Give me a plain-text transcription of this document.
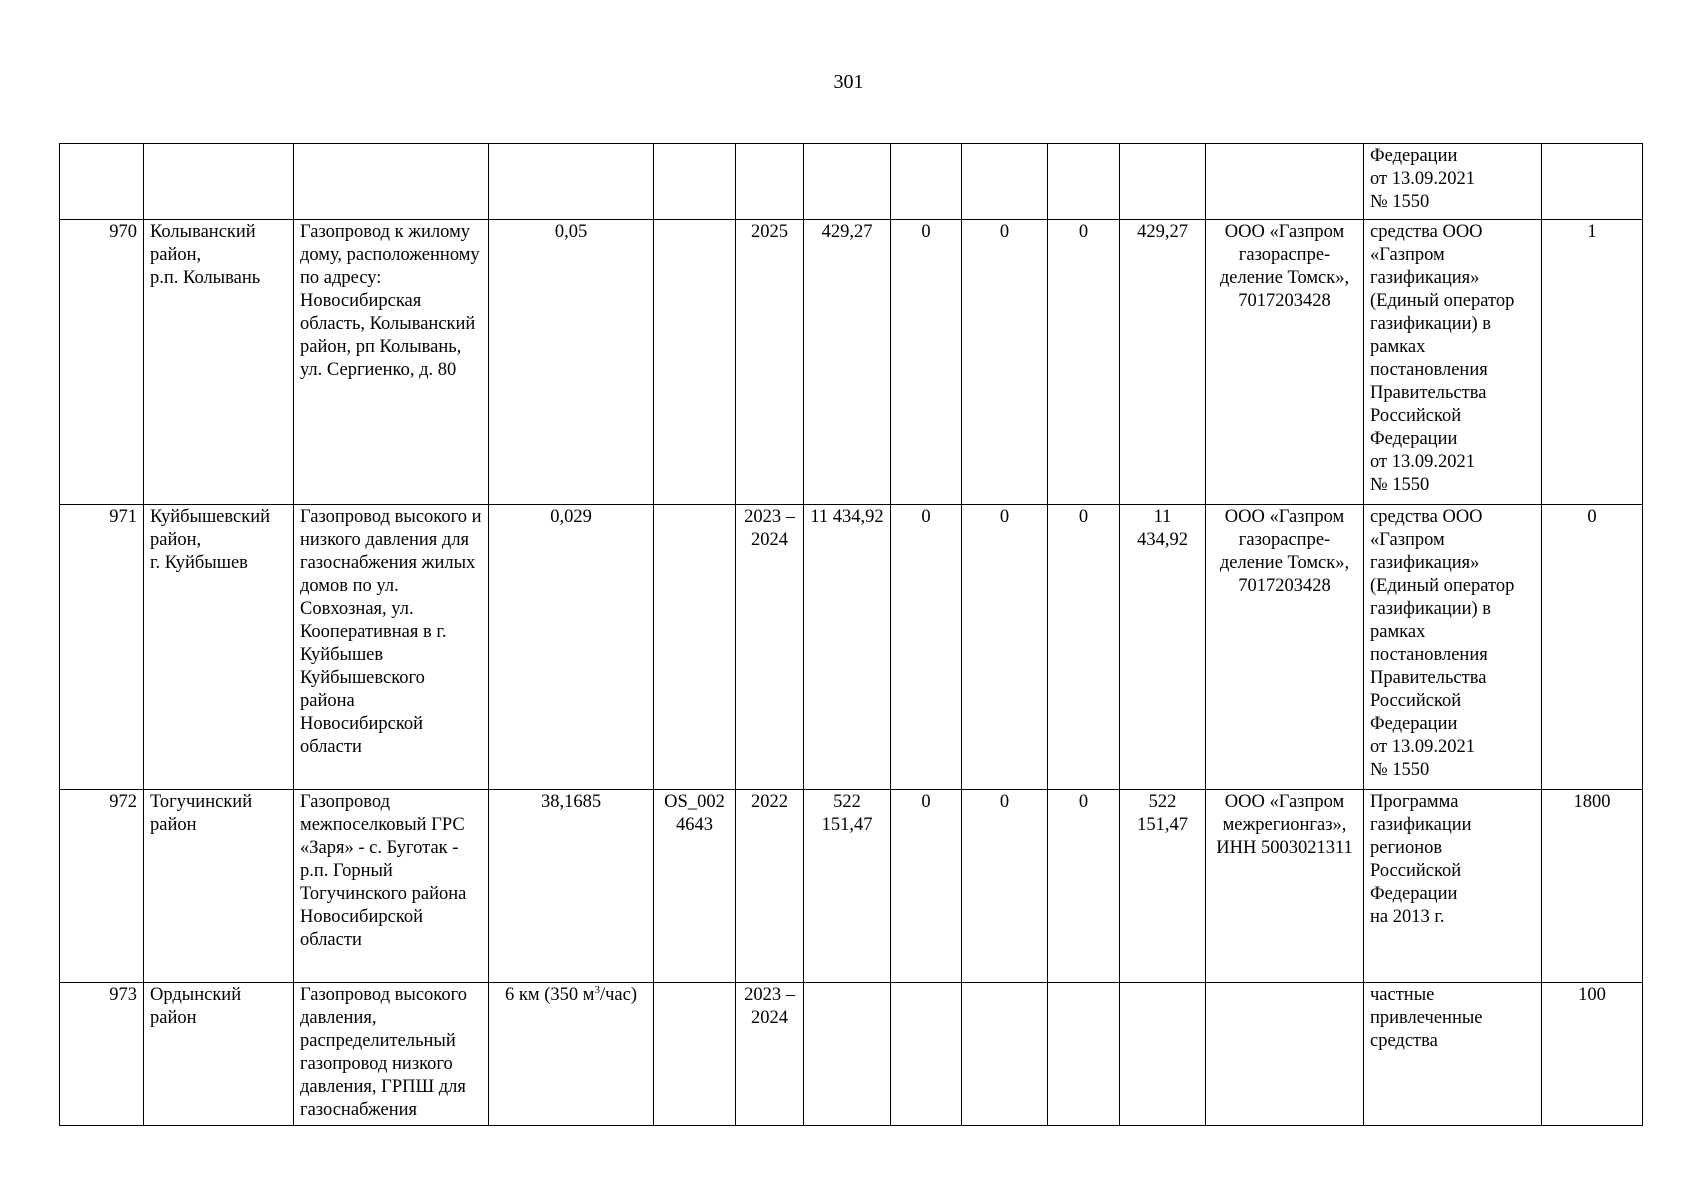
301
												Федерации
от 13.09.2021
№ 1550	
970	Колыванский район,
р.п. Колывань	Газопровод к жилому дому, расположенному по адресу: Новосибирская область, Колыванский район, рп Колывань, ул. Сергиенко, д. 80	0,05		2025	429,27	0	0	0	429,27	ООО «Газпром газораспре-деление Томск», 7017203428	средства ООО «Газпром газификация» (Единый оператор газификации) в рамках постановления Правительства Российской Федерации
от 13.09.2021
№ 1550	1
971	Куйбышевский район,
г. Куйбышев	Газопровод высокого и низкого давления для газоснабжения жилых домов по ул. Совхозная, ул. Кооперативная в г. Куйбышев Куйбышевского района Новосибирской области	0,029		2023 – 2024	11 434,92	0	0	0	11 434,92	ООО «Газпром газораспре-деление Томск», 7017203428	средства ООО «Газпром газификация» (Единый оператор газификации) в рамках постановления Правительства Российской Федерации
от 13.09.2021
№ 1550	0
972	Тогучинский район	Газопровод межпоселковый ГРС «Заря» - с. Буготак - р.п. Горный Тогучинского района Новосибирской области	38,1685	OS_002 4643	2022	522 151,47	0	0	0	522 151,47	ООО «Газпром межрегионгаз», ИНН 5003021311	Программа газификации регионов Российской Федерации
на 2013 г.	1800
973	Ордынский район	Газопровод высокого давления, распределительный газопровод низкого давления, ГРПШ для газоснабжения	6 км (350 $м^3/час$)		2023 – 2024							частные привлеченные средства	100
